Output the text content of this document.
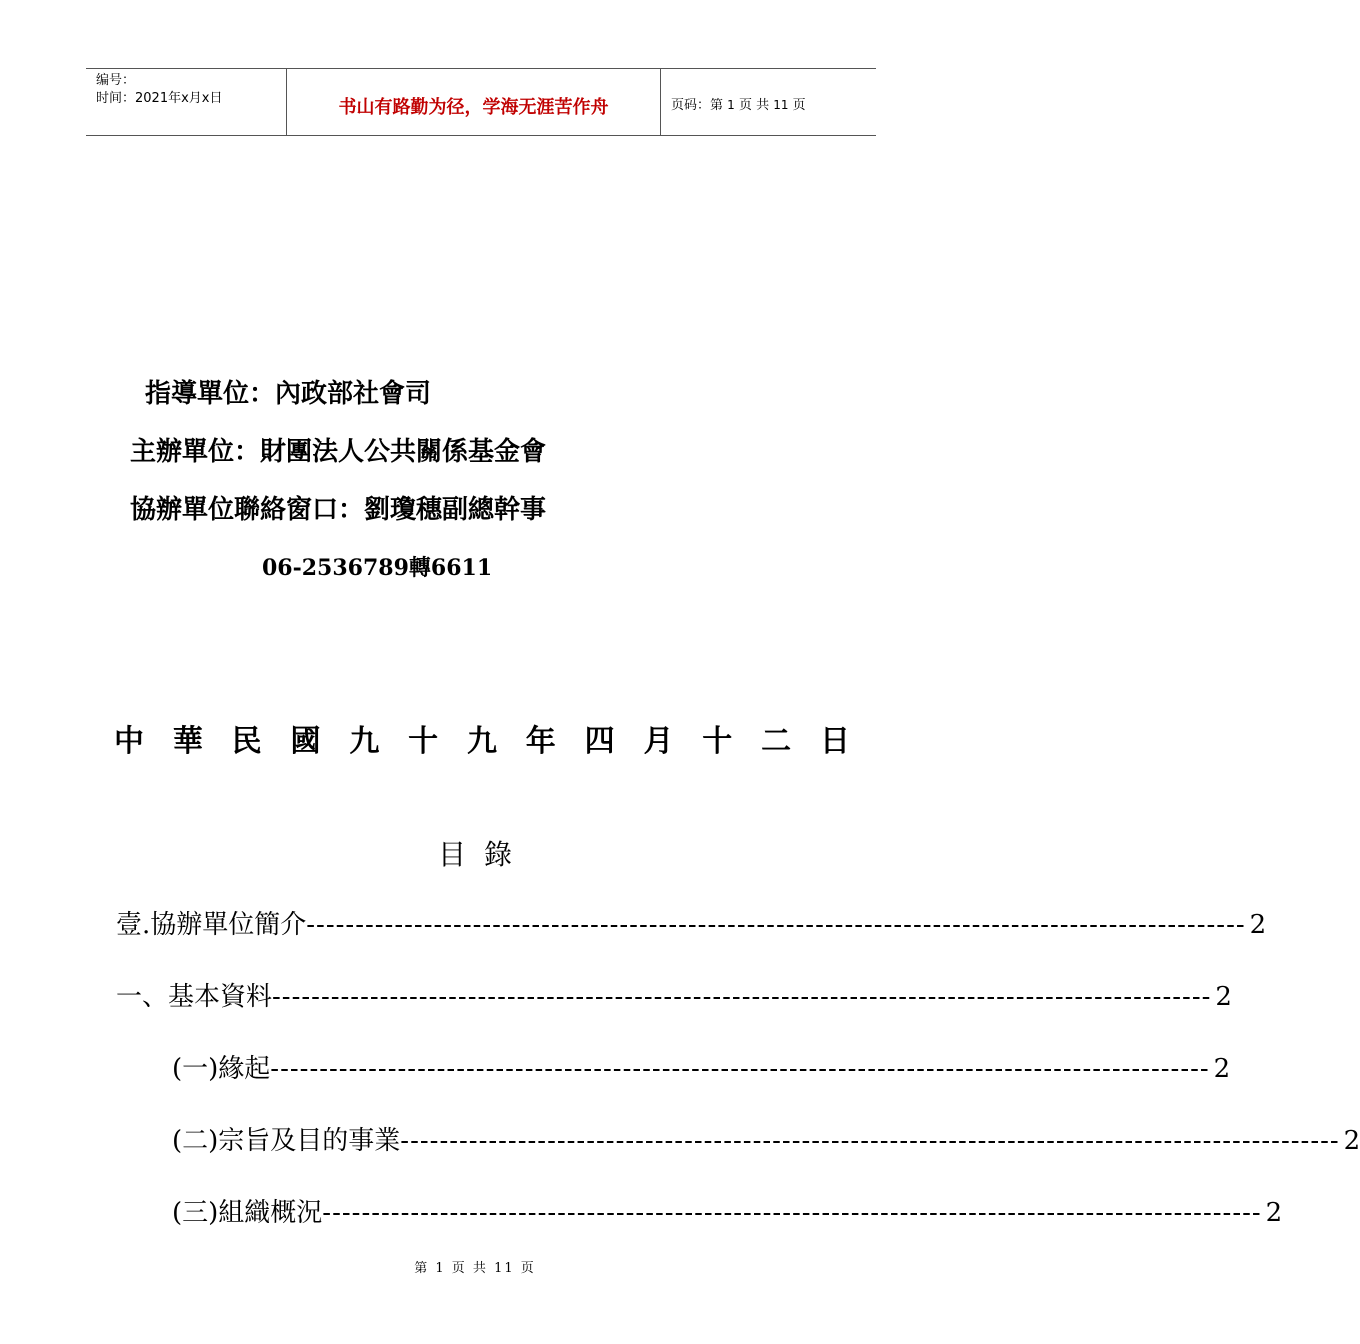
编号：
时间：2021年x月x日	书山有路勤为径，学海无涯苦作舟	页码：第 1 页 共 11 页
指導單位：內政部社會司
主辦單位：財團法人公共關係基金會
協辦單位聯絡窗口：劉瓊穗副總幹事
06-2536789轉6611
中 華 民 國 九 十 九 年 四 月 十 二 日
目錄
壹.協辦單位簡介 ------------------------------------------------------------------------------------------------ 2
一、基本資料 ------------------------------------------------------------------------------------------------ 2
(一)緣起 ------------------------------------------------------------------------------------------------ 2
(二)宗旨及目的事業 ------------------------------------------------------------------------------------------------ 2
(三)組織概況 ------------------------------------------------------------------------------------------------ 2
第 1 页 共 11 页
